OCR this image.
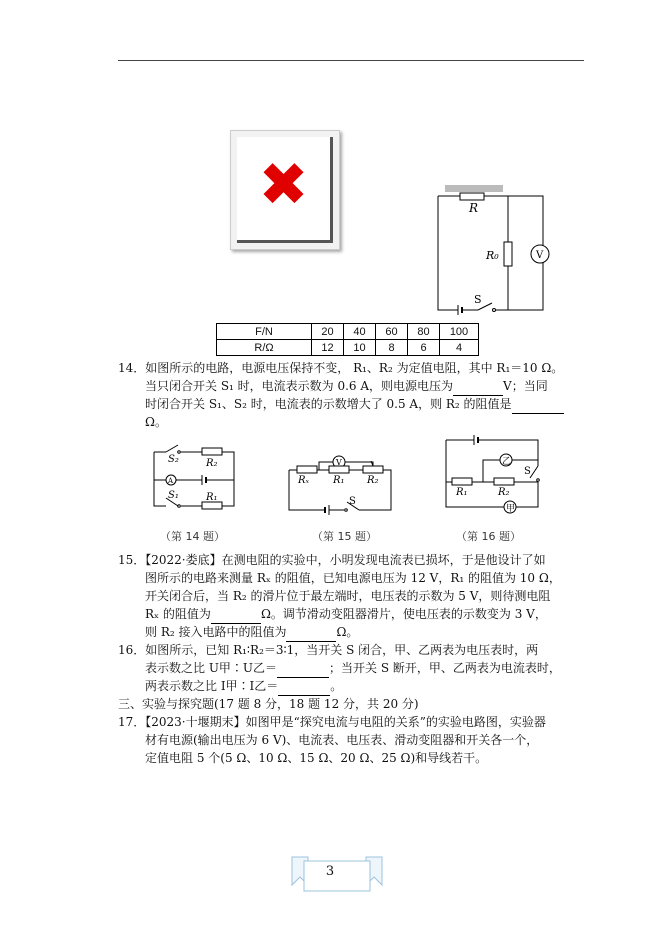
✖	R
R₀	V
S
F/N	20	40	60	80	100
R/Ω	12	10	8	6	4
14．如图所示的电路，电源电压保持不变， R₁、R₂ 为定值电阻，其中 R₁＝10 Ω。
当只闭合开关 S₁ 时，电流表示数为 0.6 A，则电源电压为	V；当同
时闭合开关 S₁、S₂ 时，电流表的示数增大了 0.5 A，则 R₂ 的阻值是
Ω。
S₂	R₂
A
S₁	R₁
（第 14 题）
V
Rₓ R₁ R₂
S
（第 15 题）
乙
S
R₁	R₂
甲
（第 16 题）
15．【2022·娄底】在测电阻的实验中，小明发现电流表已损坏，于是他设计了如
图所示的电路来测量 Rₓ 的阻值，已知电源电压为 12 V，R₁ 的阻值为 10 Ω，
开关闭合后，当 R₂ 的滑片位于最左端时，电压表的示数为 5 V，则待测电阻
Rₓ 的阻值为	Ω。调节滑动变阻器滑片，使电压表的示数变为 3 V，
则 R₂ 接入电路中的阻值为	Ω。
16．如图所示，已知 R₁∶R₂＝3∶1，当开关 S 闭合，甲、乙两表为电压表时，两
表示数之比 U甲∶U乙＝	；当开关 S 断开，甲、乙两表为电流表时，
两表示数之比 I甲∶I乙＝	。
三、实验与探究题(17 题 8 分，18 题 12 分，共 20 分)
17．【2023·十堰期末】如图甲是“探究电流与电阻的关系”的实验电路图，实验器
材有电源(输出电压为 6 V)、电流表、电压表、滑动变阻器和开关各一个，
定值电阻 5 个(5 Ω、10 Ω、15 Ω、20 Ω、25 Ω)和导线若干。
3
